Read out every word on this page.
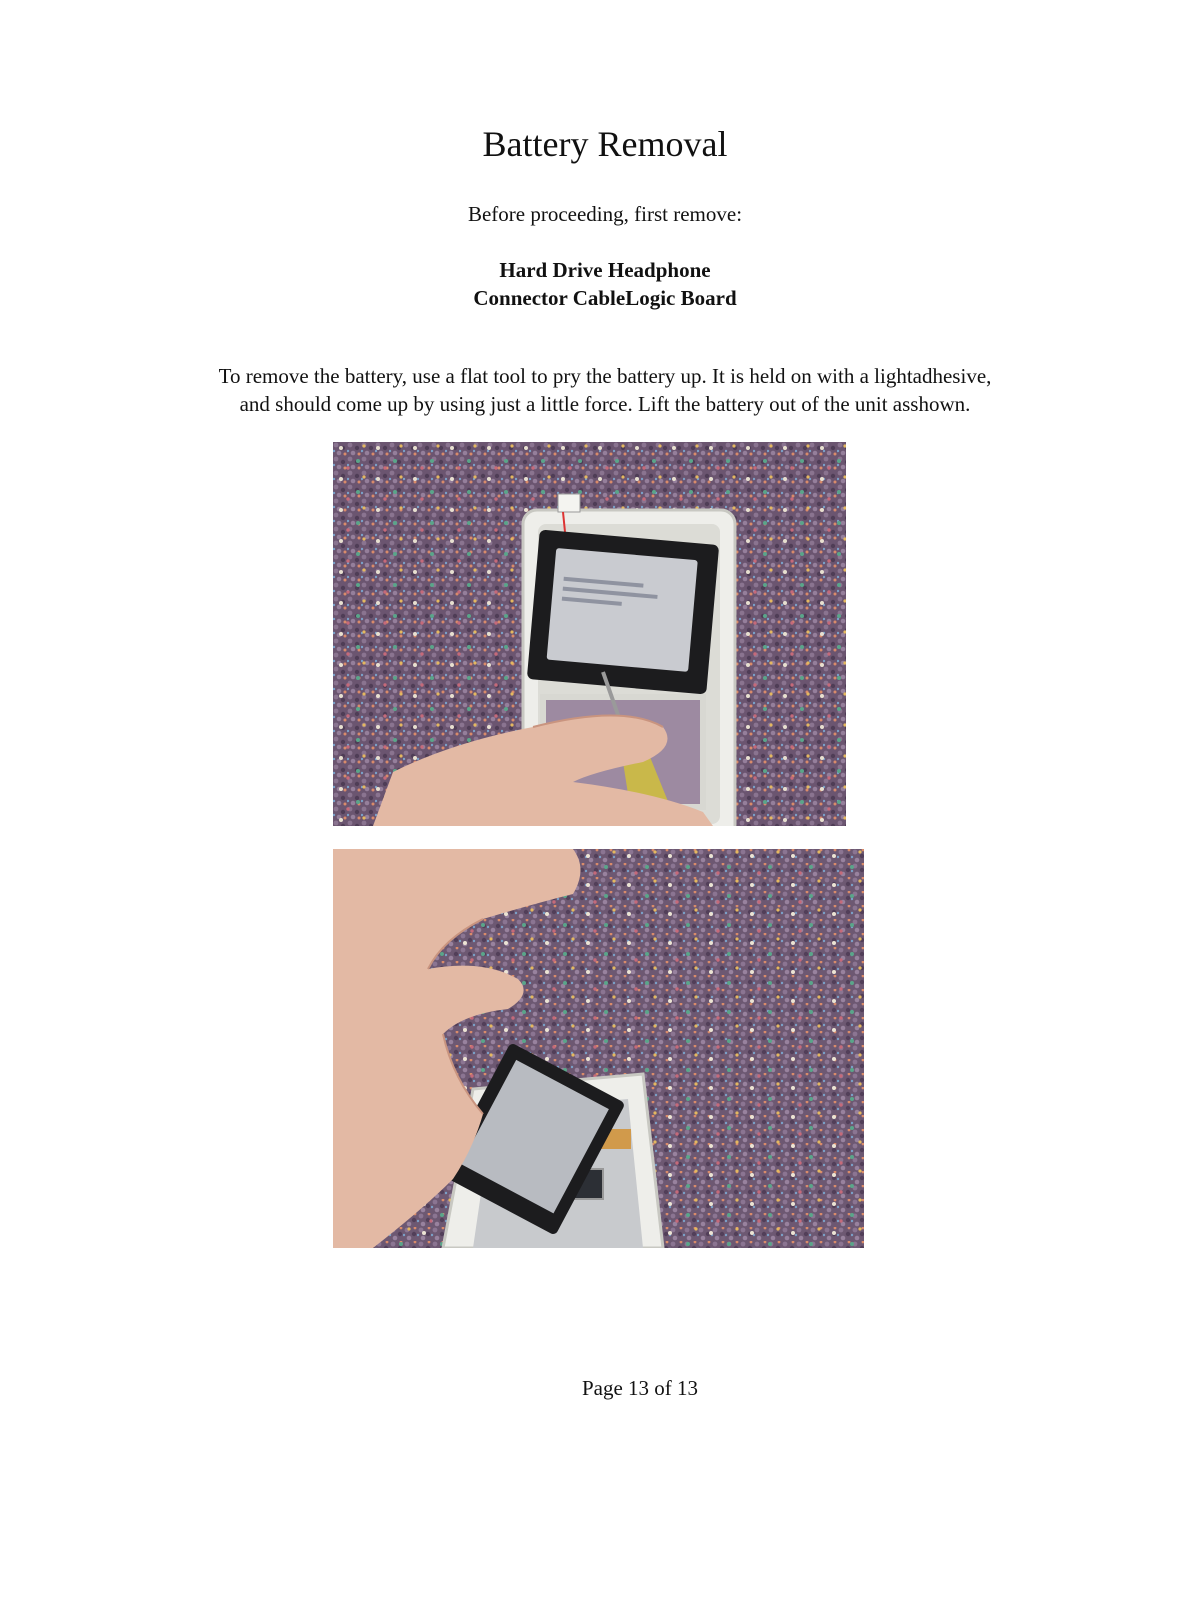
Battery Removal

Before proceeding, first remove:

Hard Drive Headphone
Connector CableLogic Board
To remove the battery, use a flat tool to pry the battery up. It is held on with a lightadhesive,
and should come up by using just a little force. Lift the battery out of the unit asshown.

Page 13 of 13
